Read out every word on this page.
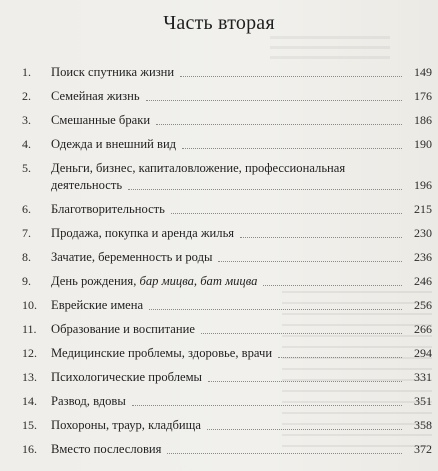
Часть вторая
1.	Поиск спутника жизни	149
2.	Семейная жизнь	176
3.	Смешанные браки	186
4.	Одежда и внешний вид	190
5.	Деньги, бизнес, капиталовложение, профессиональная
деятельность	196
6.	Благотворительность	215
7.	Продажа, покупка и аренда жилья	230
8.	Зачатие, беременность и роды	236
9.	День рождения, бар мицва, бат мицва	246
10.	Еврейские имена	256
11.	Образование и воспитание	266
12.	Медицинские проблемы, здоровье, врачи	294
13.	Психологические проблемы	331
14.	Развод, вдовы	351
15.	Похороны, траур, кладбища	358
16.	Вместо послесловия	372
